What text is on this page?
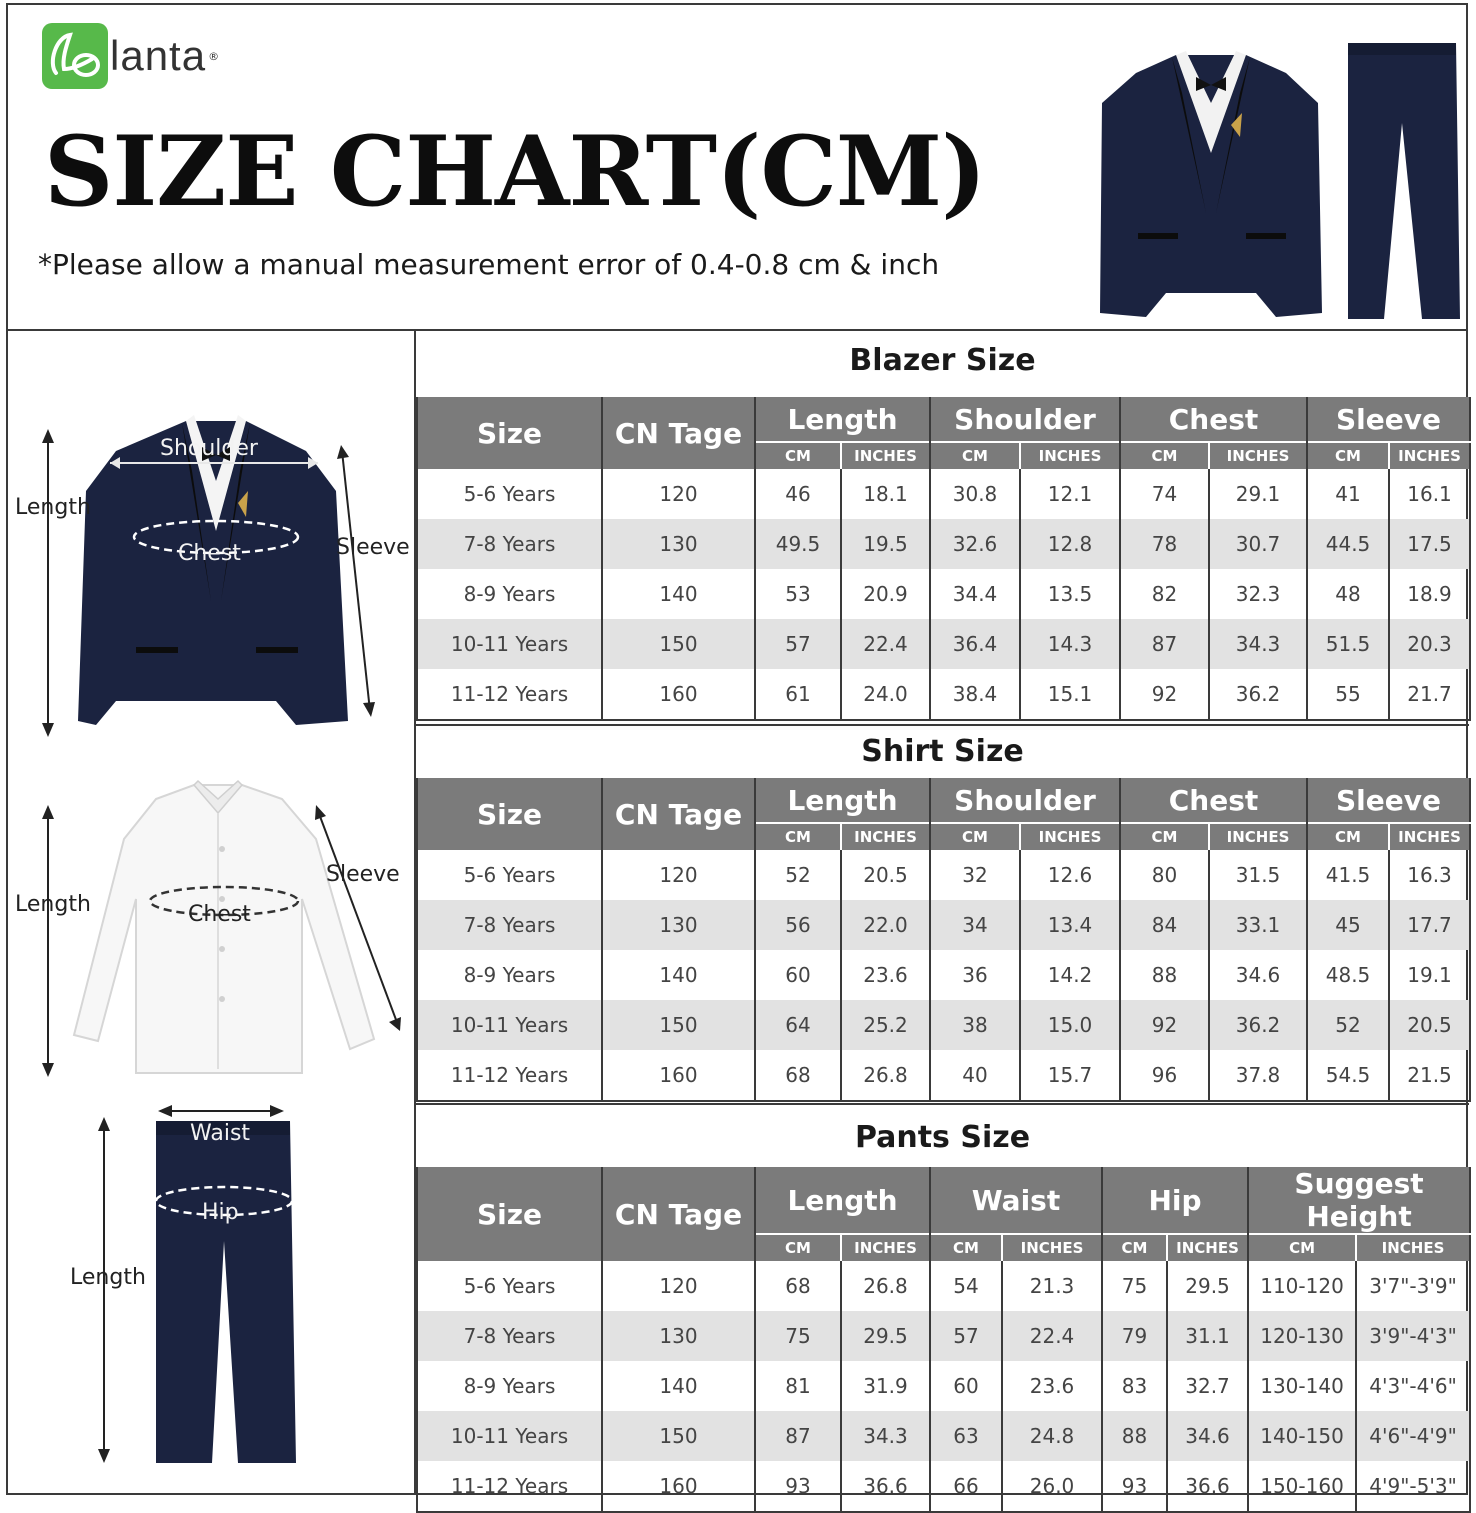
lanta ®
SIZE CHART(CM)
*Please allow a manual measurement error of 0.4-0.8 cm & inch
Shoulder
Chest
Length
Sleeve
Chest
Length
Sleeve
Waist
Hip
Length
Blazer Size
Size	CN Tage	Length		Shoulder		Chest		Sleeve	
		CM	INCHES	CM	INCHES	CM	INCHES	CM	INCHES
5-6 Years	120	46	18.1	30.8	12.1	74	29.1	41	16.1
7-8 Years	130	49.5	19.5	32.6	12.8	78	30.7	44.5	17.5
8-9 Years	140	53	20.9	34.4	13.5	82	32.3	48	18.9
10-11 Years	150	57	22.4	36.4	14.3	87	34.3	51.5	20.3
11-12 Years	160	61	24.0	38.4	15.1	92	36.2	55	21.7
Shirt Size
Size	CN Tage	Length		Shoulder		Chest		Sleeve	
		CM	INCHES	CM	INCHES	CM	INCHES	CM	INCHES
5-6 Years	120	52	20.5	32	12.6	80	31.5	41.5	16.3
7-8 Years	130	56	22.0	34	13.4	84	33.1	45	17.7
8-9 Years	140	60	23.6	36	14.2	88	34.6	48.5	19.1
10-11 Years	150	64	25.2	38	15.0	92	36.2	52	20.5
11-12 Years	160	68	26.8	40	15.7	96	37.8	54.5	21.5
Pants Size
Size	CN Tage	Length		Waist		Hip		Suggest Height	
		CM	INCHES	CM	INCHES	CM	INCHES	CM	INCHES
5-6 Years	120	68	26.8	54	21.3	75	29.5	110-120	3'7"-3'9"
7-8 Years	130	75	29.5	57	22.4	79	31.1	120-130	3'9"-4'3"
8-9 Years	140	81	31.9	60	23.6	83	32.7	130-140	4'3"-4'6"
10-11 Years	150	87	34.3	63	24.8	88	34.6	140-150	4'6"-4'9"
11-12 Years	160	93	36.6	66	26.0	93	36.6	150-160	4'9"-5'3"
